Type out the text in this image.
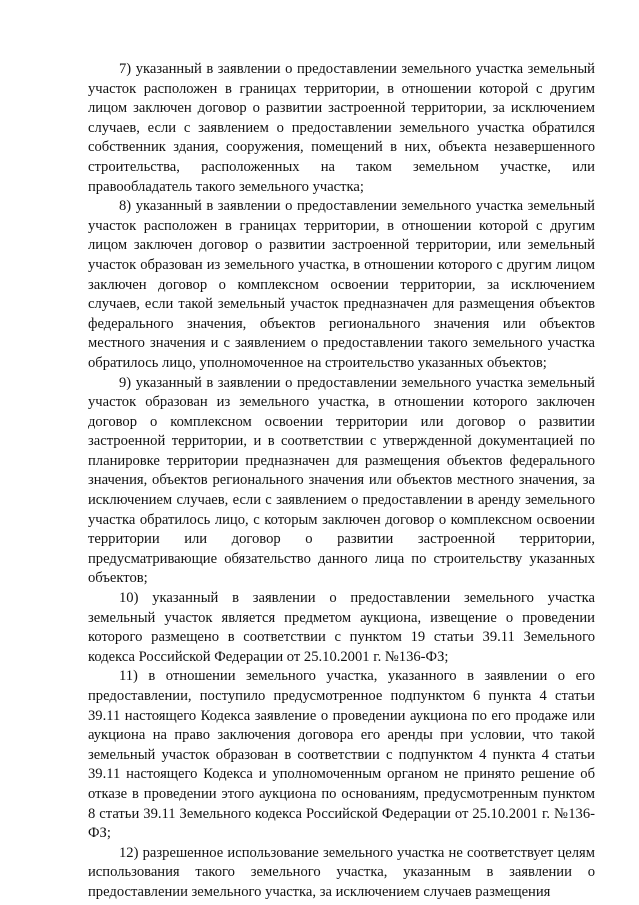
7) указанный в заявлении о предоставлении земельного участка земельный участок расположен в границах территории, в отношении которой с другим лицом заключен договор о развитии застроенной территории, за исключением случаев, если с заявлением о предоставлении земельного участка обратился собственник здания, сооружения, помещений в них, объекта незавершенного строительства, расположенных на таком земельном участке, или правообладатель такого земельного участка;

8) указанный в заявлении о предоставлении земельного участка земельный участок расположен в границах территории, в отношении которой с другим лицом заключен договор о развитии застроенной территории, или земельный участок образован из земельного участка, в отношении которого с другим лицом заключен договор о комплексном освоении территории, за исключением случаев, если такой земельный участок предназначен для размещения объектов федерального значения, объектов регионального значения или объектов местного значения и с заявлением о предоставлении такого земельного участка обратилось лицо, уполномоченное на строительство указанных объектов;

9) указанный в заявлении о предоставлении земельного участка земельный участок образован из земельного участка, в отношении которого заключен договор о комплексном освоении территории или договор о развитии застроенной территории, и в соответствии с утвержденной документацией по планировке территории предназначен для размещения объектов федерального значения, объектов регионального значения или объектов местного значения, за исключением случаев, если с заявлением о предоставлении в аренду земельного участка обратилось лицо, с которым заключен договор о комплексном освоении территории или договор о развитии застроенной территории, предусматривающие обязательство данного лица по строительству указанных объектов;

10) указанный в заявлении о предоставлении земельного участка земельный участок является предметом аукциона, извещение о проведении которого размещено в соответствии с пунктом 19 статьи 39.11 Земельного кодекса Российской Федерации от 25.10.2001 г. №136-ФЗ;

11) в отношении земельного участка, указанного в заявлении о его предоставлении, поступило предусмотренное подпунктом 6 пункта 4 статьи 39.11 настоящего Кодекса заявление о проведении аукциона по его продаже или аукциона на право заключения договора его аренды при условии, что такой земельный участок образован в соответствии с подпунктом 4 пункта 4 статьи 39.11 настоящего Кодекса и уполномоченным органом не принято решение об отказе в проведении этого аукциона по основаниям, предусмотренным пунктом 8 статьи 39.11 Земельного кодекса Российской Федерации от 25.10.2001 г. №136-ФЗ;

12) разрешенное использование земельного участка не соответствует целям использования такого земельного участка, указанным в заявлении о предоставлении земельного участка, за исключением случаев размещения
